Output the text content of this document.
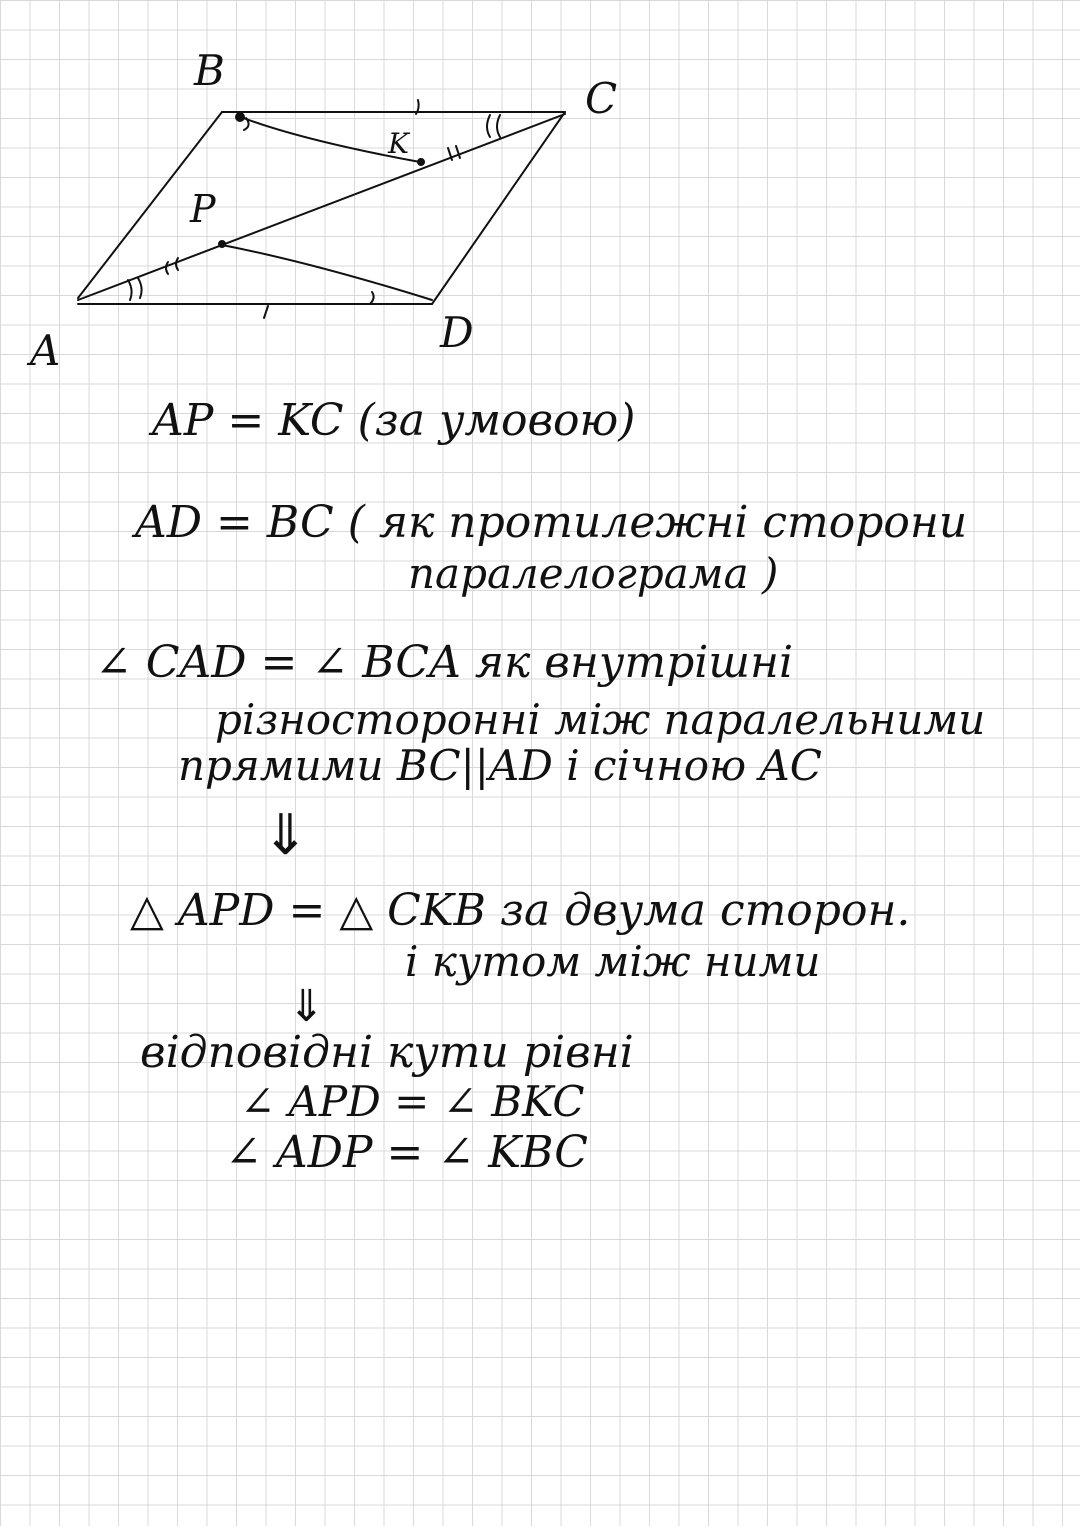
B
C
A	D
P
K

AP = KC (за умовою)

AD = BC ( як протилежні сторони

паралелограма )

∠ CAD = ∠ BCA як внутрішні

різносторонні між паралельними

прямими BC||AD і січною AC

⇓

△ APD = △ CKB за двума сторон.

і кутом між ними

⇓

відповідні кути рівні

∠ APD = ∠ BKC

∠ ADP = ∠ KBC
